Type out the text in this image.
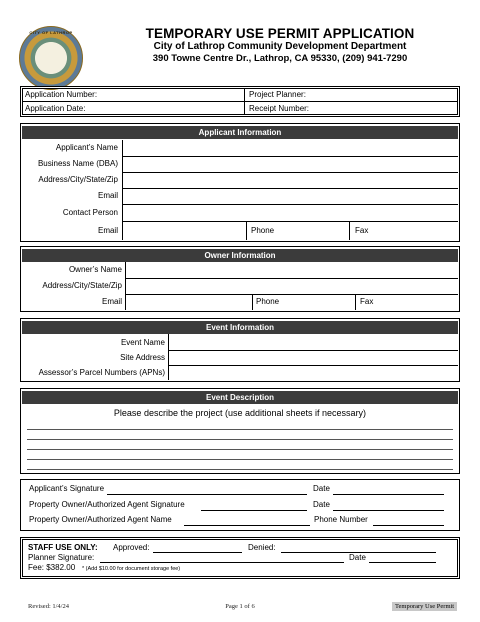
CITY OF LATHROP	TEMPORARY USE PERMIT APPLICATION
City of Lathrop Community Development Department
390 Towne Centre Dr., Lathrop, CA 95330, (209) 941-7290
Application Number:	Project Planner:
Application Date:	Receipt Number:
Applicant Information
Applicant’s Name
Business Name (DBA)
Address/City/State/Zip
Email
Contact Person
Email	Phone	Fax
Owner Information
Owner’s Name
Address/City/State/Zip
Email	Phone	Fax
Event Information
Event Name
Site Address
Assessor’s Parcel Numbers (APNs)
Event Description
Please describe the project (use additional sheets if necessary)
Applicant’s Signature	Date
Property Owner/Authorized Agent Signature	Date
Property Owner/Authorized Agent Name	Phone Number
STAFF USE ONLY: Approved:	Denied:
Planner Signature:	Date
Fee: $382.00 * (Add $10.00 for document storage fee)
Revised: 1/4/24	Page 1 of 6	Temporary Use Permit
